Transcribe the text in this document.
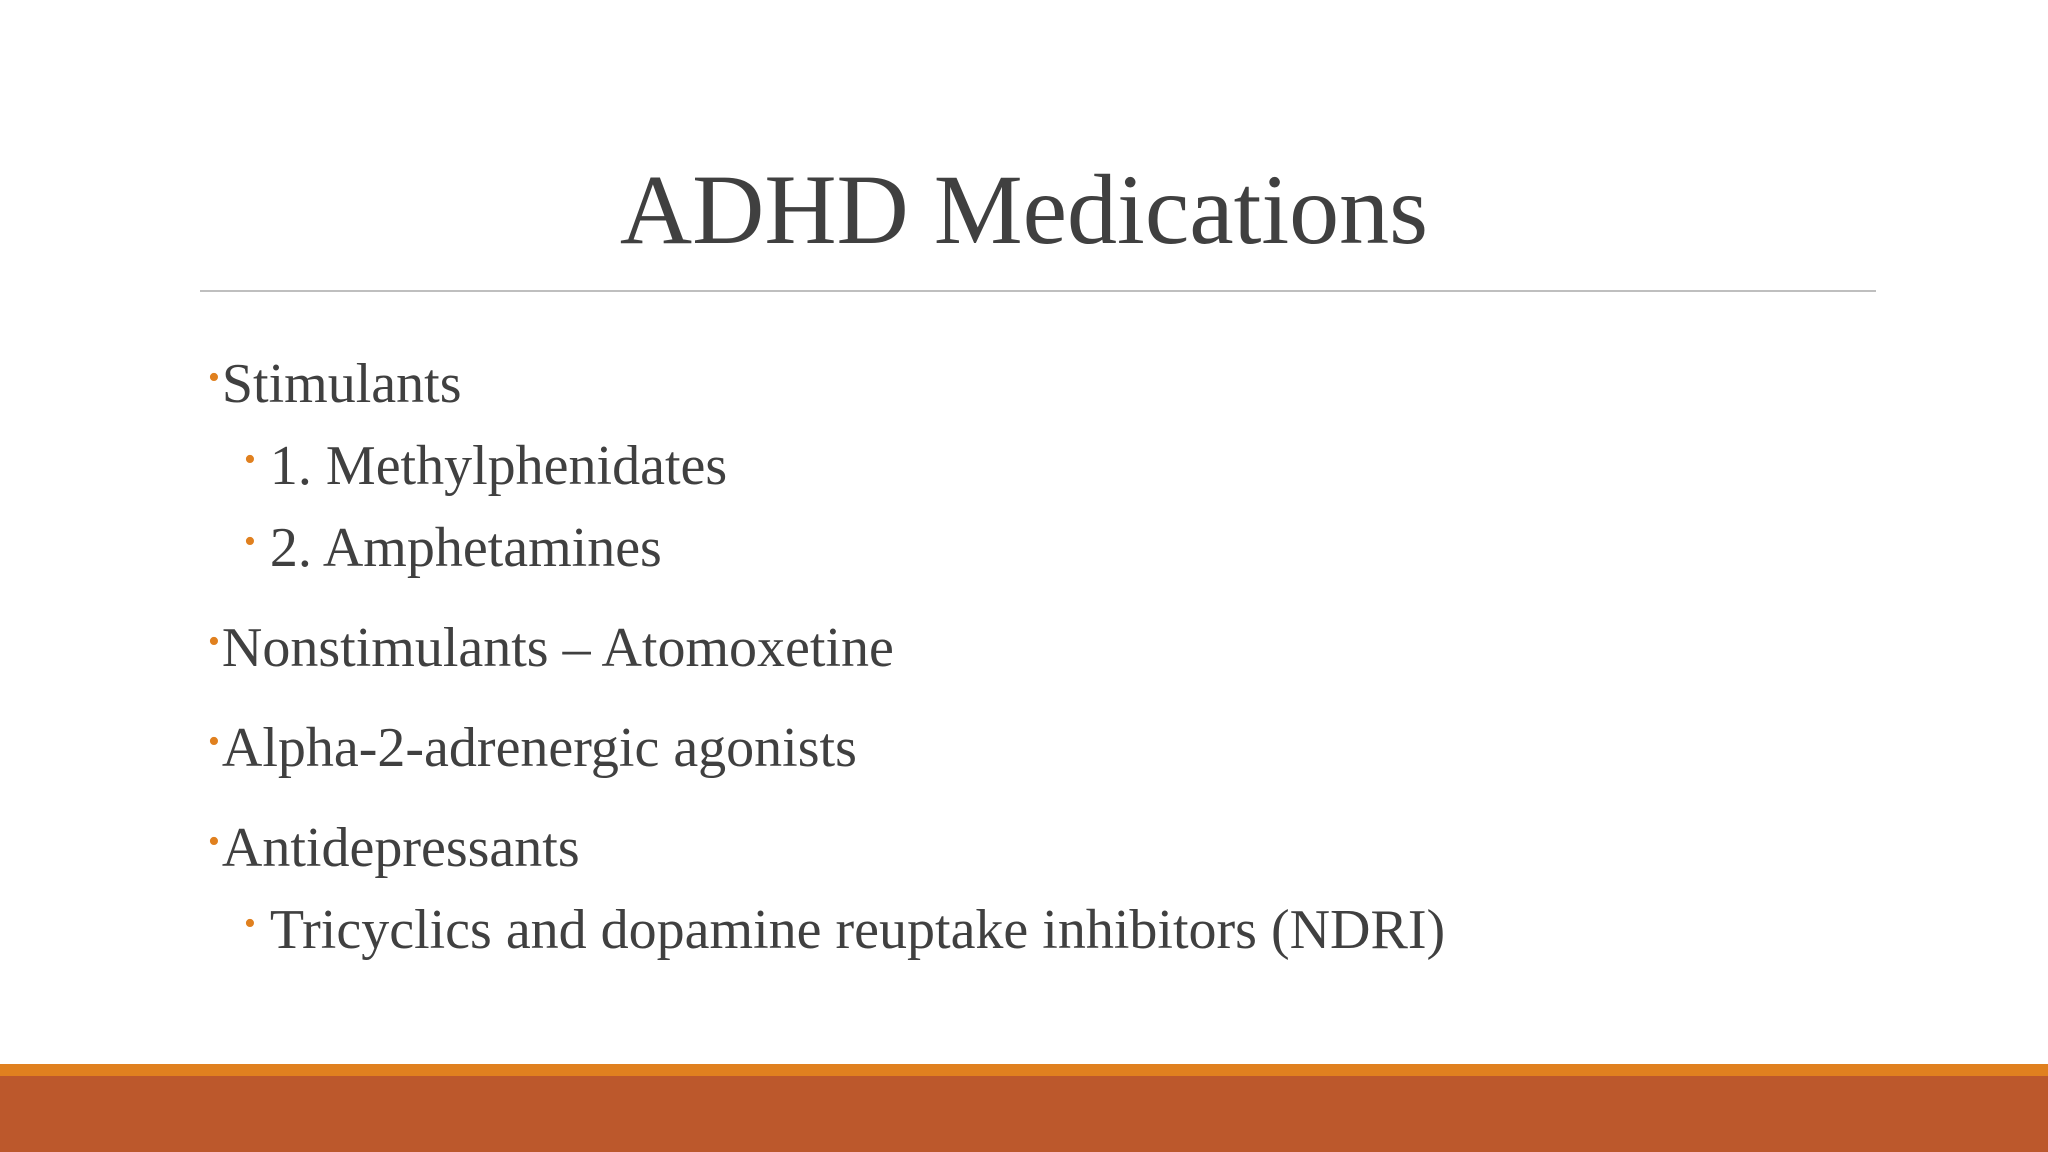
ADHD Medications
•Stimulants
• 1. Methylphenidates
• 2. Amphetamines
•Nonstimulants – Atomoxetine
•Alpha-2-adrenergic agonists
•Antidepressants
• Tricyclics and dopamine reuptake inhibitors (NDRI)
